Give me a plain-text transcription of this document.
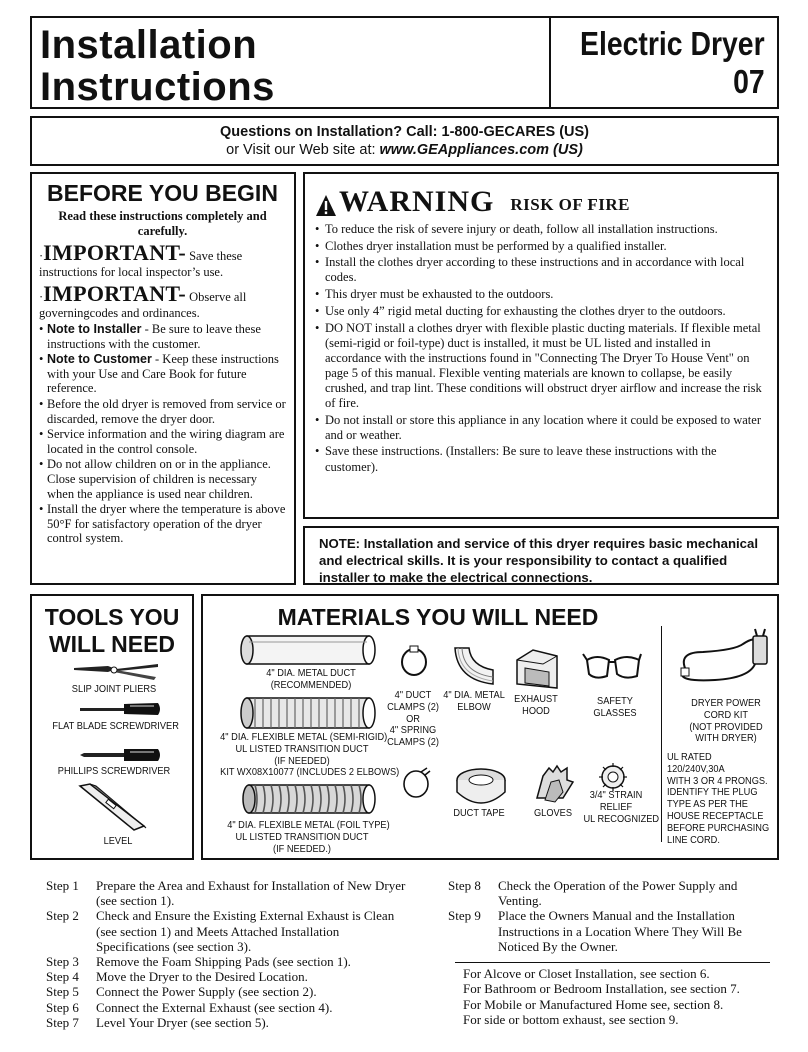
Installation
Instructions
Electric Dryer
07
Questions on Installation? Call: 1-800-GECARES (US)
or Visit our Web site at: www.GEAppliances.com (US)
BEFORE YOU BEGIN
Read these instructions completely and carefully.
·IMPORTANT- Save these instructions for local inspector’s use.
·IMPORTANT- Observe all governingcodes and ordinances.
• Note to Installer - Be sure to leave these instructions with the customer.
• Note to Customer - Keep these instructions with your Use and Care Book for future reference.
• Before the old dryer is removed from service or discarded, remove the dryer door.
• Service information and the wiring diagram are located in the control console.
• Do not allow children on or in the appliance. Close supervision of children is necessary when the appliance is used near children.
• Install the dryer where the temperature is above 50°F for satisfactory operation of the dryer control system.
WARNING RISK OF FIRE
• To reduce the risk of severe injury or death, follow all installation instructions.
• Clothes dryer installation must be performed by a qualified installer.
• Install the clothes dryer according to these instructions and in accordance with local codes.
• This dryer must be exhausted to the outdoors.
• Use only 4” rigid metal ducting for exhausting the clothes dryer to the outdoors.
• DO NOT install a clothes dryer with flexible plastic ducting materials. If flexible metal (semi-rigid or foil-type) duct is installed, it must be UL listed and installed in accordance with the instructions found in "Connecting The Dryer To House Vent" on page 5 of this manual. Flexible venting materials are known to collapse, be easily crushed, and trap lint. These conditions will obstruct dryer airflow and increase the risk of fire.
• Do not install or store this appliance in any location where it could be exposed to water and or weather.
• Save these instructions. (Installers: Be sure to leave these instructions with the customer).
NOTE: Installation and service of this dryer requires basic mechanical and electrical skills. It is your responsibility to contact a qualified installer to make the electrical connections.
TOOLS YOU
WILL NEED
SLIP JOINT PLIERS
FLAT BLADE SCREWDRIVER
PHILLIPS SCREWDRIVER
LEVEL
MATERIALS YOU WILL NEED
4" DIA. METAL DUCT
(RECOMMENDED)
4" DIA. FLEXIBLE METAL (SEMI-RIGID)
UL LISTED TRANSITION DUCT
(IF NEEDED)
KIT WX08X10077 (INCLUDES 2 ELBOWS)
4" DIA. FLEXIBLE METAL (FOIL TYPE)
UL LISTED TRANSITION DUCT
(IF NEEDED.)
4" DUCT
CLAMPS (2)
OR
4" SPRING
CLAMPS (2)
4" DIA. METAL
ELBOW
EXHAUST
HOOD
SAFETY
GLASSES
DUCT TAPE	GLOVES
3/4" STRAIN
RELIEF
UL RECOGNIZED
DRYER POWER
CORD KIT
(NOT PROVIDED
WITH DRYER)
UL RATED
120/240V,30A
WITH 3 OR 4 PRONGS.
IDENTIFY THE PLUG
TYPE AS PER THE
HOUSE RECEPTACLE
BEFORE PURCHASING
LINE CORD.
Step 1	Prepare the Area and Exhaust for Installation of New Dryer (see section 1).
Step 2	Check and Ensure the Existing External Exhaust is Clean (see section 1) and Meets Attached Installation Specifications (see section 3).
Step 3	Remove the Foam Shipping Pads (see section 1).
Step 4	Move the Dryer to the Desired Location.
Step 5	Connect the Power Supply (see section 2).
Step 6	Connect the External Exhaust (see section 4).
Step 7	Level Your Dryer (see section 5).
Step 8	Check the Operation of the Power Supply and Venting.
Step 9	Place the Owners Manual and the Installation Instructions in a Location Where They Will Be Noticed By the Owner.
For Alcove or Closet Installation, see section 6.
For Bathroom or Bedroom Installation, see section 7.
For Mobile or Manufactured Home see, section 8.
For side or bottom exhaust, see section 9.
